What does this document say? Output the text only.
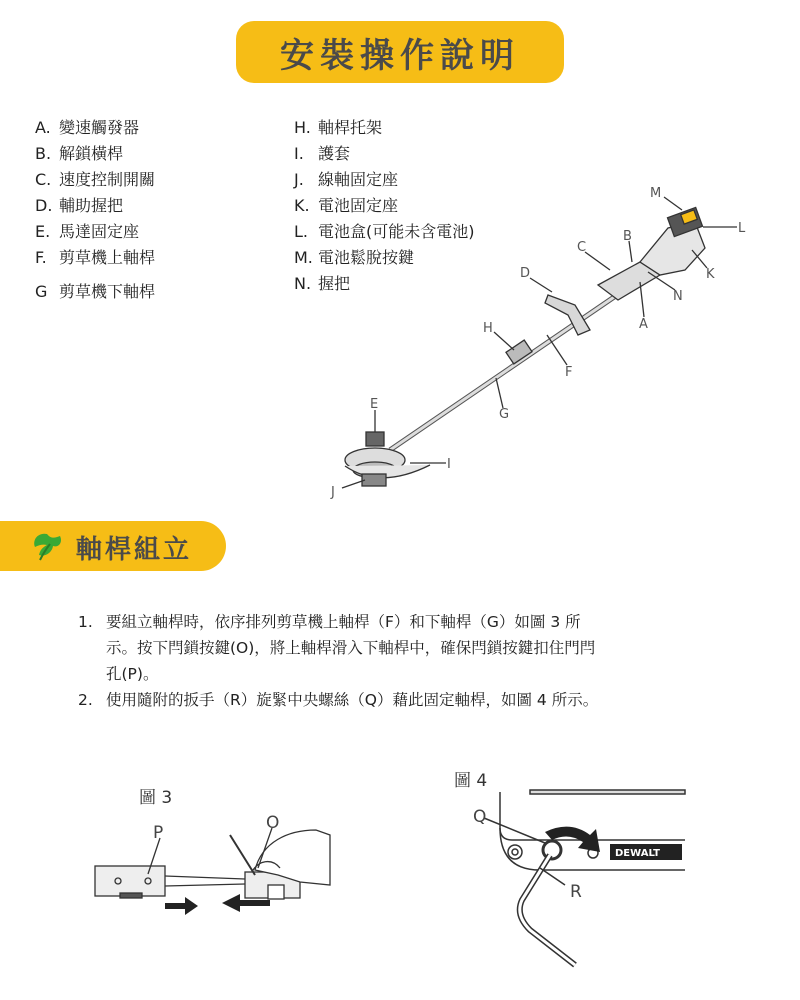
安裝操作說明
A. 變速觸發器
B. 解鎖橫桿
C. 速度控制開關
D. 輔助握把
E. 馬達固定座
F. 剪草機上軸桿
G 剪草機下軸桿
H. 軸桿托架
I. 護套
J. 線軸固定座
K. 電池固定座
L. 電池盒(可能未含電池)
M. 電池鬆脫按鍵
N. 握把
M
L
B
C
K
D
N
A
H
F
E
G
I
J
軸桿組立
1. 要組立軸桿時，依序排列剪草機上軸桿（F）和下軸桿（G）如圖 3 所示。按下閂鎖按鍵(O)，將上軸桿滑入下軸桿中，確保閂鎖按鍵扣住門閂孔(P)。
2. 使用隨附的扳手（R）旋緊中央螺絲（Q）藉此固定軸桿，如圖 4 所示。
圖 3
P	O
圖 4
DEWALT
Q
R
